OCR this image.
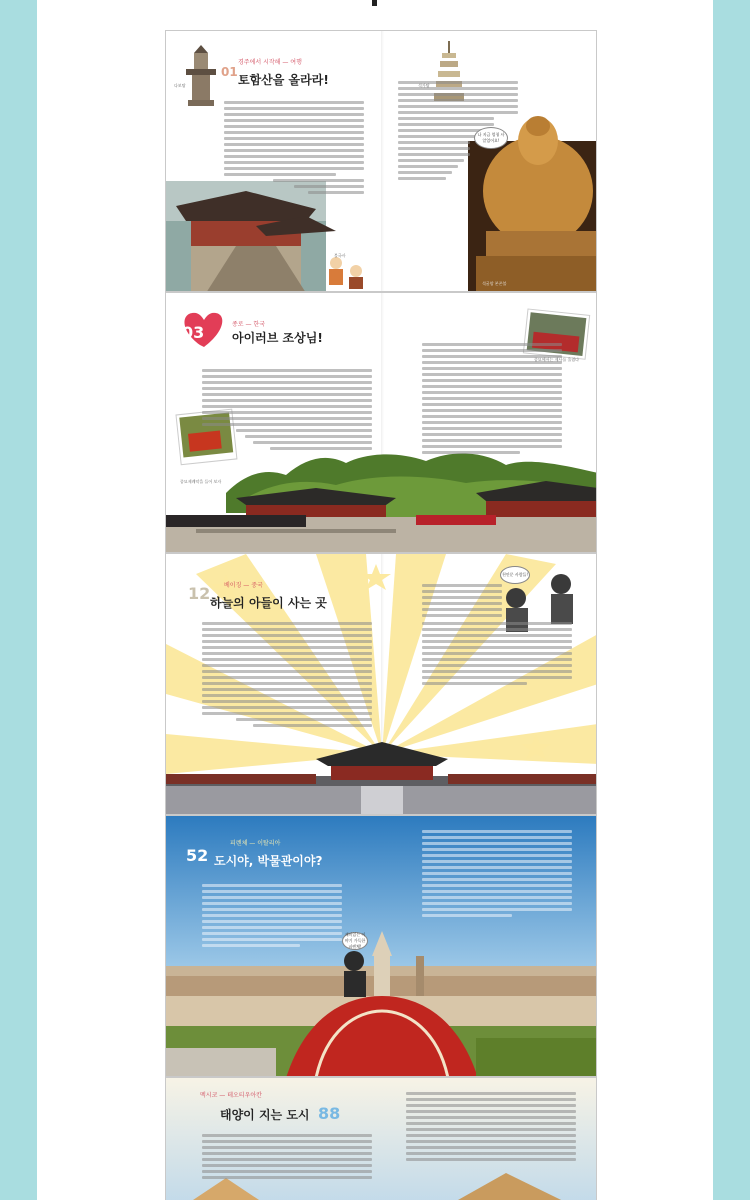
01
경주에서 시작해 — 여행
토함산을 올라라!
나 지금 엄청 사 알었어요!
불국사
석굴암 본존불
다보탑	석가탑
03	종로 — 한국
아이러브 조상님!
종묘제례악을 들어 보자
종묘에서는 제사를 올렸다
12 베이징 — 중국
하늘의 아들이 사는 곳
천안문 사람들!
52
피렌체 — 이탈리아
도시야, 박물관이야?
재미있는 이야기 가득한 피렌체!
멕시코 — 테오티우아칸
태양이 지는 도시 88
